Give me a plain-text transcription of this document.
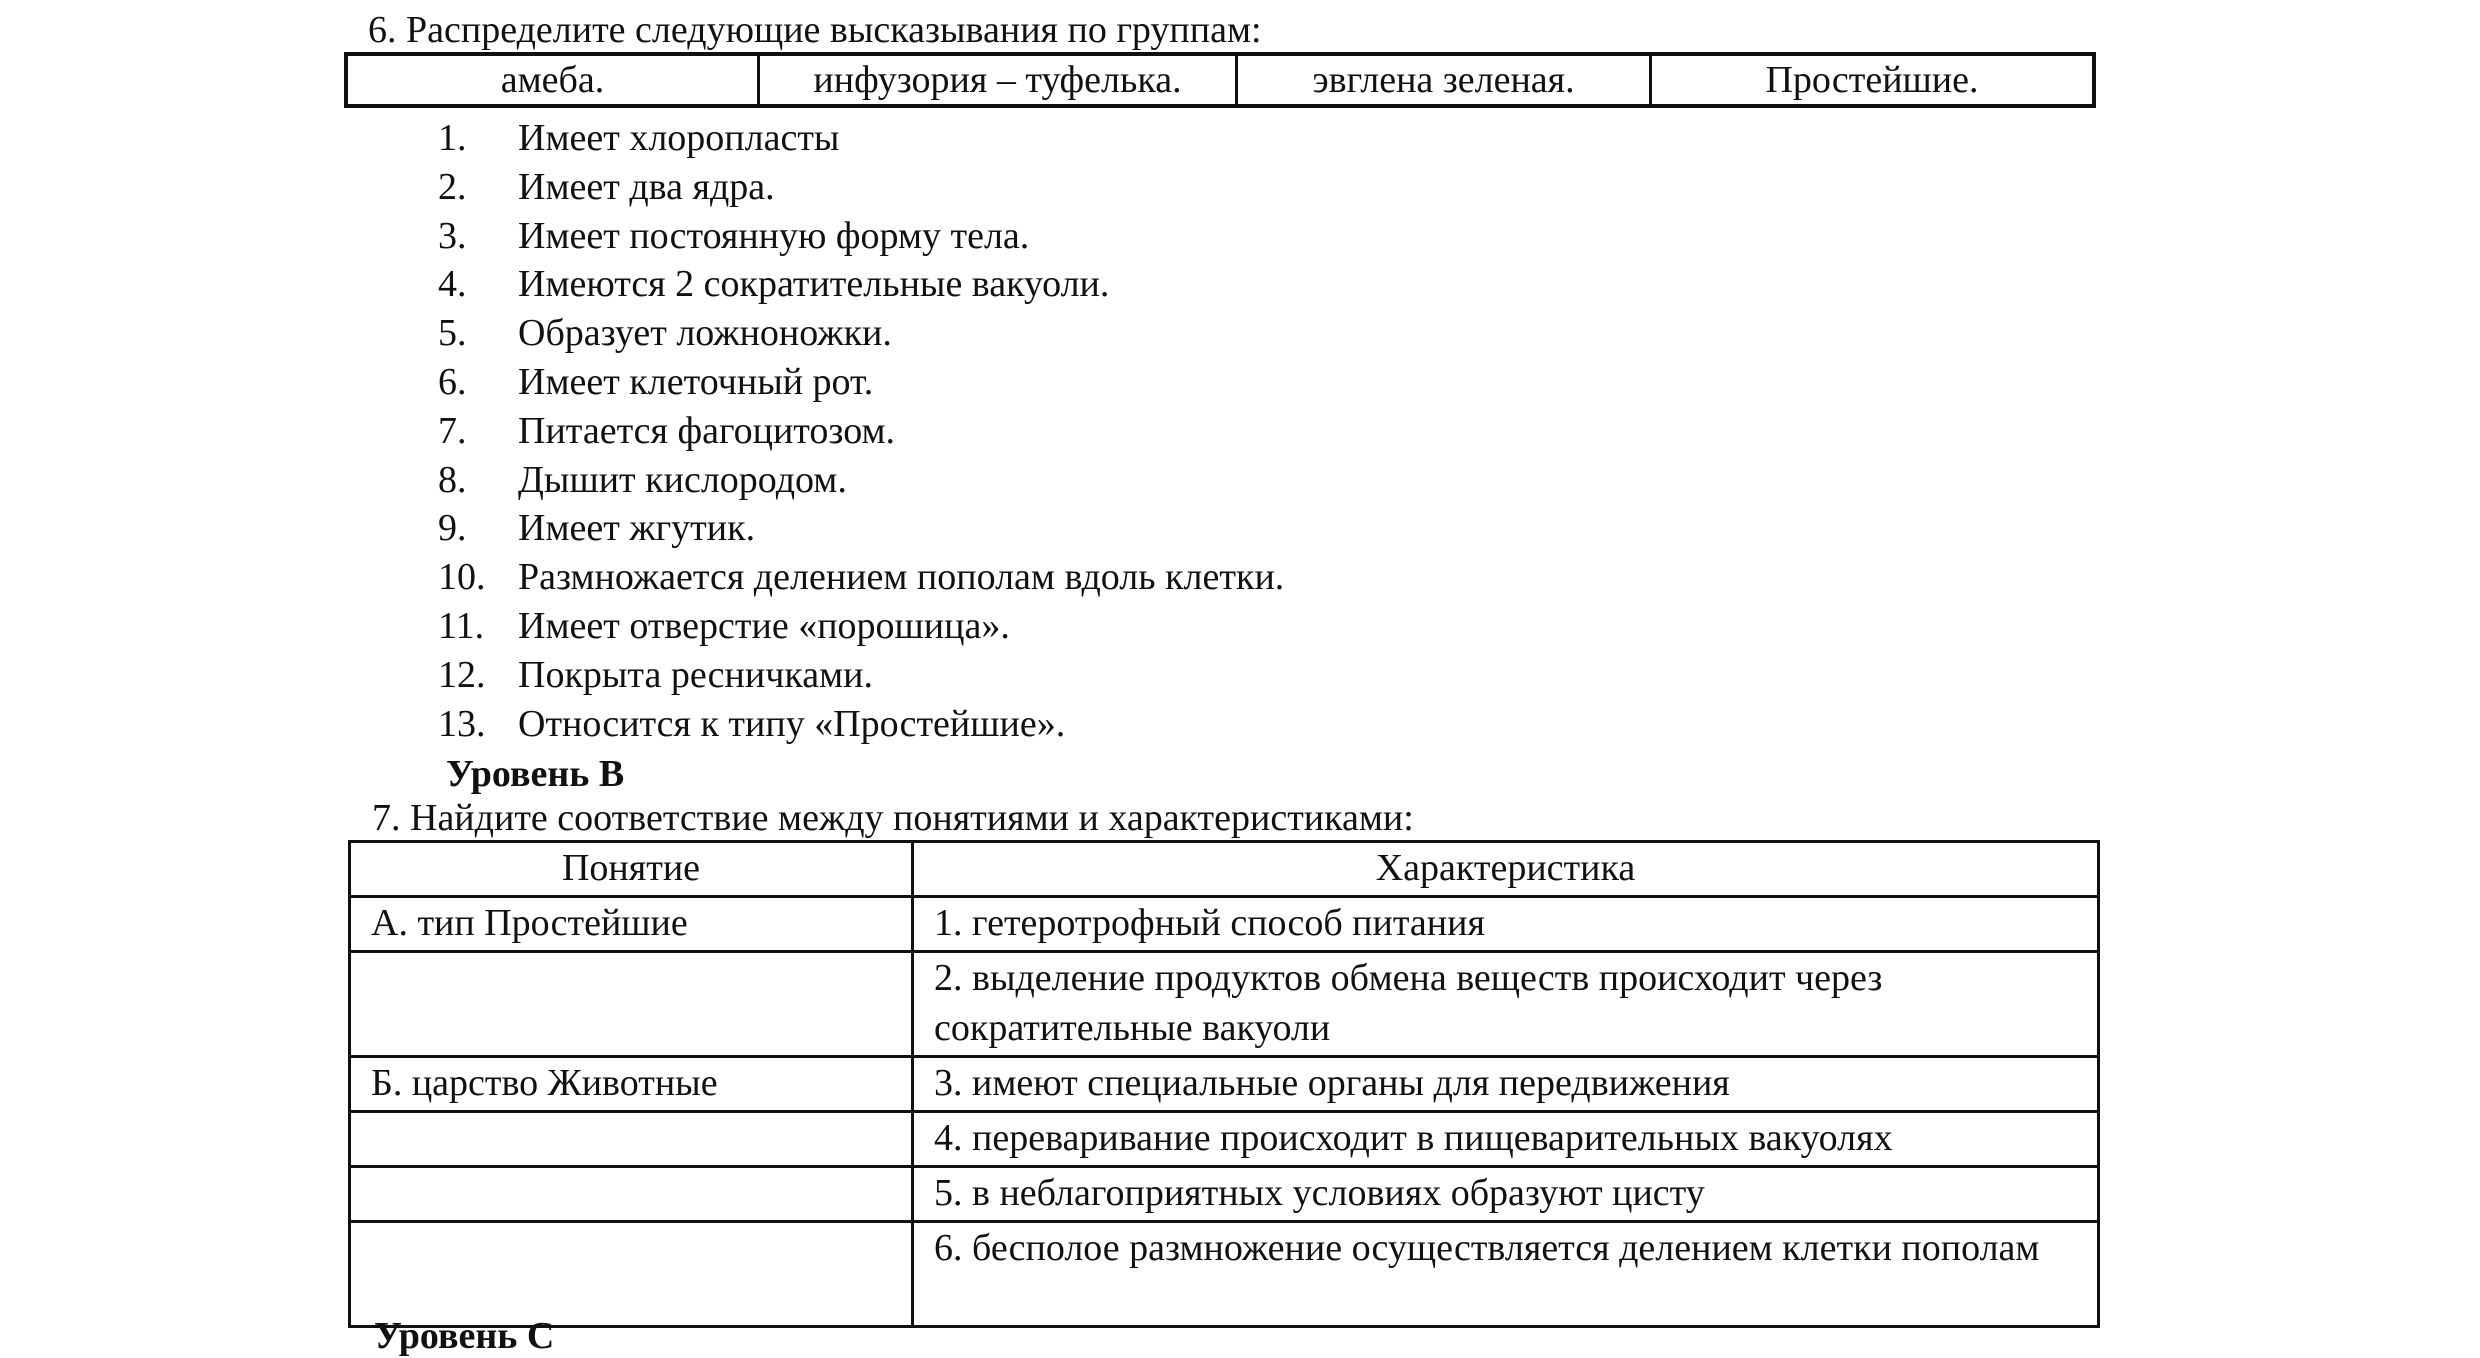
6. Распределите следующие высказывания по группам:
амеба.	инфузория – туфелька.	эвглена зеленая.	Простейшие.
1.	Имеет хлоропласты
2.	Имеет два ядра.
3.	Имеет постоянную форму тела.
4.	Имеются 2 сократительные вакуоли.
5.	Образует ложноножки.
6.	Имеет клеточный рот.
7.	Питается фагоцитозом.
8.	Дышит кислородом.
9.	Имеет жгутик.
10. Размножается делением пополам вдоль клетки.
11. Имеет отверстие «порошица».
12. Покрыта ресничками.
13. Относится к типу «Простейшие».
Уровень В
7. Найдите соответствие между понятиями и характеристиками:
Понятие	Характеристика
А. тип Простейшие	1. гетеротрофный способ питания
	2. выделение продуктов обмена веществ происходит через сократительные вакуоли
Б. царство Животные	3. имеют специальные органы для передвижения
	4. переваривание происходит в пищеварительных вакуолях
	5. в неблагоприятных условиях образуют цисту
	6. бесполое размножение осуществляется делением клетки пополам
Уровень С
